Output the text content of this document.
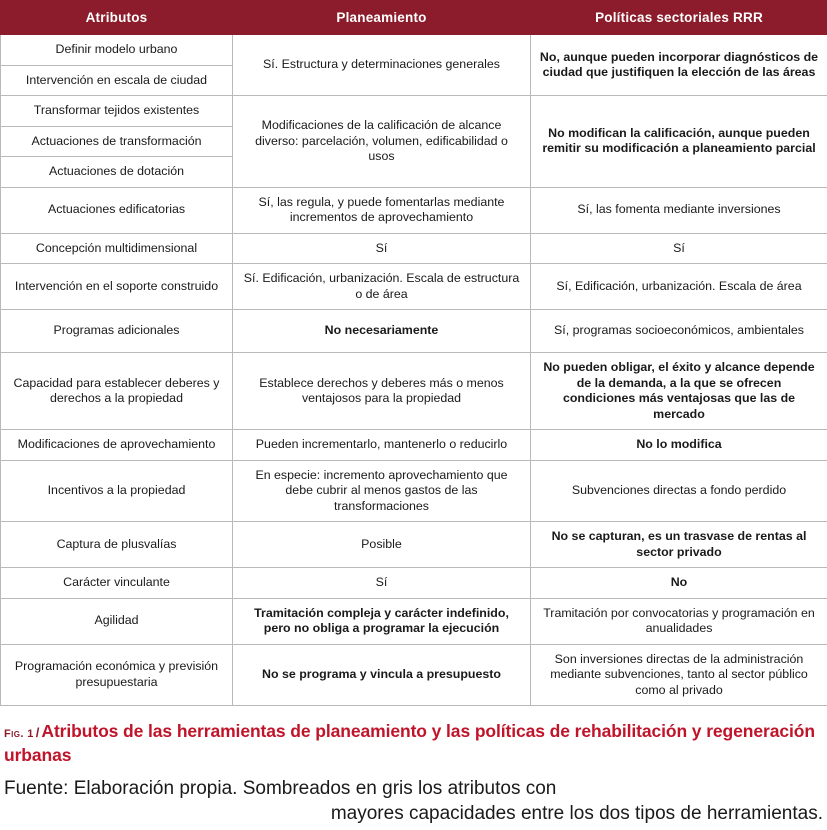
Atributos	Planeamiento	Políticas sectoriales RRR
Definir modelo urbano	Sí. Estructura y determinaciones generales	No, aunque pueden incorporar diagnósticos de ciudad que justifiquen la elección de las áreas
Intervención en escala de ciudad		
Transformar tejidos existentes	Modificaciones de la calificación de alcance diverso: parcelación, volumen, edificabilidad o usos	No modifican la calificación, aunque pueden remitir su modificación a planeamiento parcial
Actuaciones de transformación		
Actuaciones de dotación		
Actuaciones edificatorias	Sí, las regula, y puede fomentarlas mediante incrementos de aprovechamiento	Sí, las fomenta mediante inversiones
Concepción multidimensional	Sí	Sí
Intervención en el soporte construido	Sí. Edificación, urbanización. Escala de estructura o de área	Sí, Edificación, urbanización. Escala de área
Programas adicionales	No necesariamente	Sí, programas socioeconómicos, ambientales
Capacidad para establecer deberes y derechos a la propiedad	Establece derechos y deberes más o menos ventajosos para la propiedad	No pueden obligar, el éxito y alcance depende de la demanda, a la que se ofrecen condiciones más ventajosas que las de mercado
Modificaciones de aprovechamiento	Pueden incrementarlo, mantenerlo o reducirlo	No lo modifica
Incentivos a la propiedad	En especie: incremento aprovechamiento que debe cubrir al menos gastos de las transformaciones	Subvenciones directas a fondo perdido
Captura de plusvalías	Posible	No se capturan, es un trasvase de rentas al sector privado
Carácter vinculante	Sí	No
Agilidad	Tramitación compleja y carácter indefinido, pero no obliga a programar la ejecución	Tramitación por convocatorias y programación en anualidades
Programación económica y previsión presupuestaria	No se programa y vincula a presupuesto	Son inversiones directas de la administración mediante subvenciones, tanto al sector público como al privado
Fig. 1 / Atributos de las herramientas de planeamiento y las políticas de rehabilitación y regeneración urbanas
Fuente: Elaboración propia. Sombreados en gris los atributos con
mayores capacidades entre los dos tipos de herramientas.
